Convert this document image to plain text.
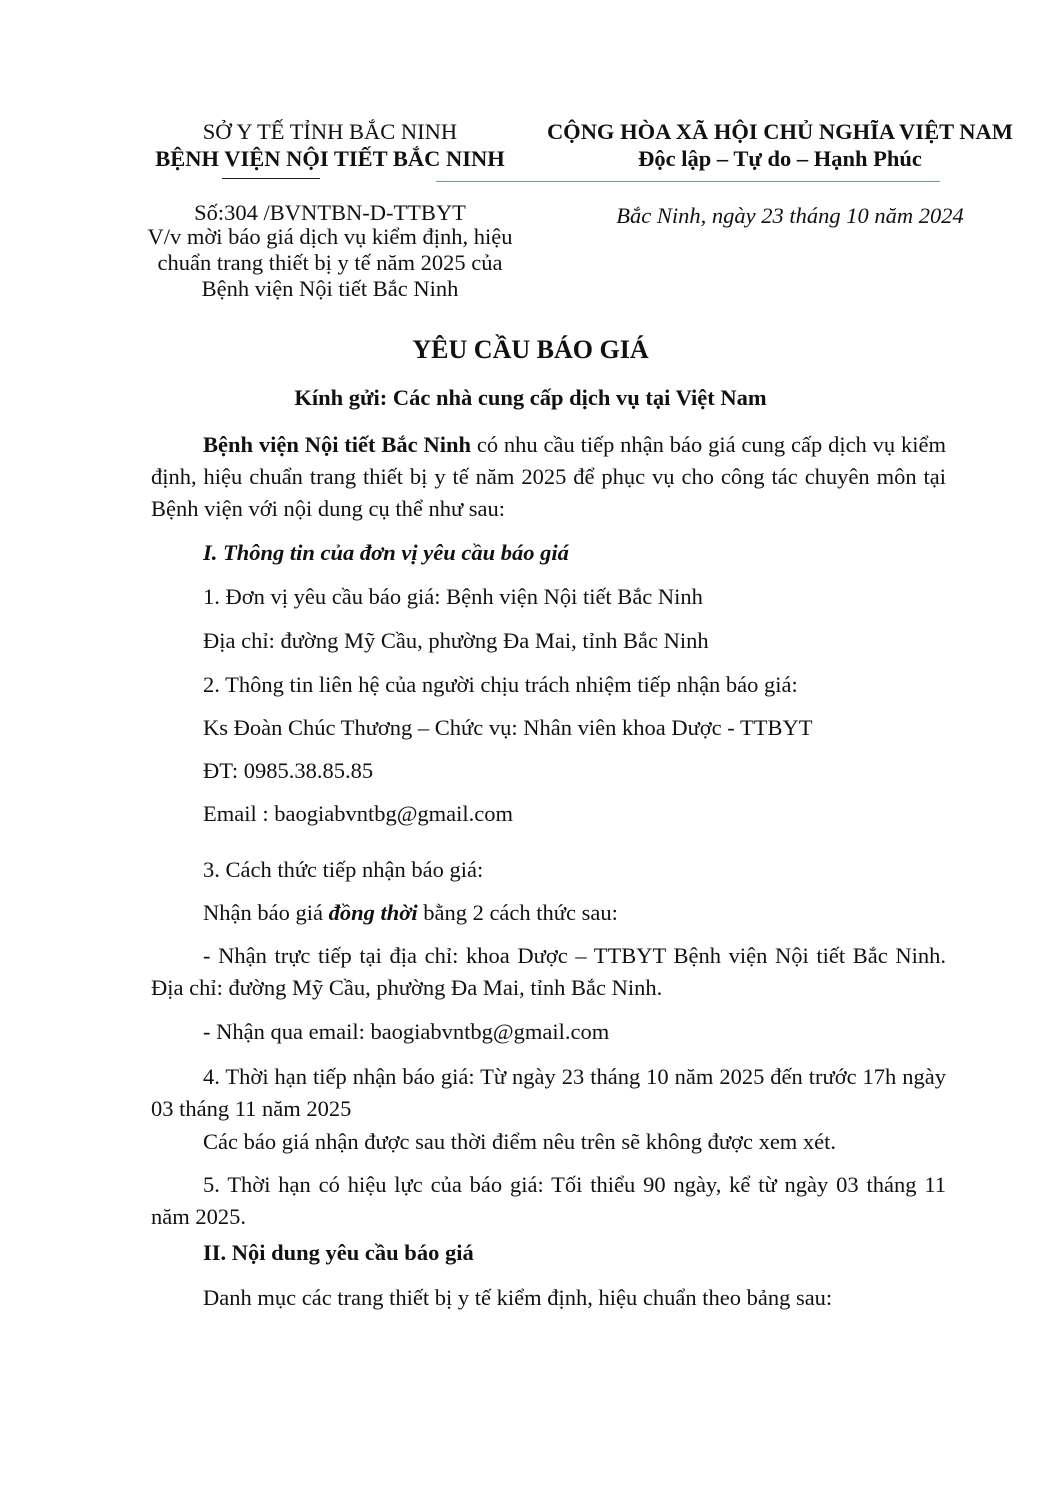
SỞ Y TẾ TỈNH BẮC NINH
BỆNH VIỆN NỘI TIẾT BẮC NINH
Số:304 /BVNTBN-D-TTBYT
V/v mời báo giá dịch vụ kiểm định, hiệu
chuẩn trang thiết bị y tế năm 2025 của
Bệnh viện Nội tiết Bắc Ninh
CỘNG HÒA XÃ HỘI CHỦ NGHĨA VIỆT NAM
Độc lập – Tự do – Hạnh Phúc
Bắc Ninh, ngày 23 tháng 10 năm 2024
YÊU CẦU BÁO GIÁ
Kính gửi: Các nhà cung cấp dịch vụ tại Việt Nam
Bệnh viện Nội tiết Bắc Ninh có nhu cầu tiếp nhận báo giá cung cấp dịch vụ kiểm định, hiệu chuẩn trang thiết bị y tế năm 2025 để phục vụ cho công tác chuyên môn tại Bệnh viện với nội dung cụ thể như sau:
I. Thông tin của đơn vị yêu cầu báo giá
1. Đơn vị yêu cầu báo giá: Bệnh viện Nội tiết Bắc Ninh
Địa chỉ: đường Mỹ Cầu, phường Đa Mai, tỉnh Bắc Ninh
2. Thông tin liên hệ của người chịu trách nhiệm tiếp nhận báo giá:
Ks Đoàn Chúc Thương – Chức vụ: Nhân viên khoa Dược - TTBYT
ĐT: 0985.38.85.85
Email : baogiabvntbg@gmail.com
3. Cách thức tiếp nhận báo giá:
Nhận báo giá đồng thời bằng 2 cách thức sau:
- Nhận trực tiếp tại địa chỉ: khoa Dược – TTBYT Bệnh viện Nội tiết Bắc Ninh. Địa chỉ: đường Mỹ Cầu, phường Đa Mai, tỉnh Bắc Ninh.
- Nhận qua email: baogiabvntbg@gmail.com
4. Thời hạn tiếp nhận báo giá: Từ ngày 23 tháng 10 năm 2025 đến trước 17h ngày 03 tháng 11 năm 2025
Các báo giá nhận được sau thời điểm nêu trên sẽ không được xem xét.
5. Thời hạn có hiệu lực của báo giá: Tối thiểu 90 ngày, kể từ ngày 03 tháng 11 năm 2025.
II. Nội dung yêu cầu báo giá
Danh mục các trang thiết bị y tế kiểm định, hiệu chuẩn theo bảng sau:
